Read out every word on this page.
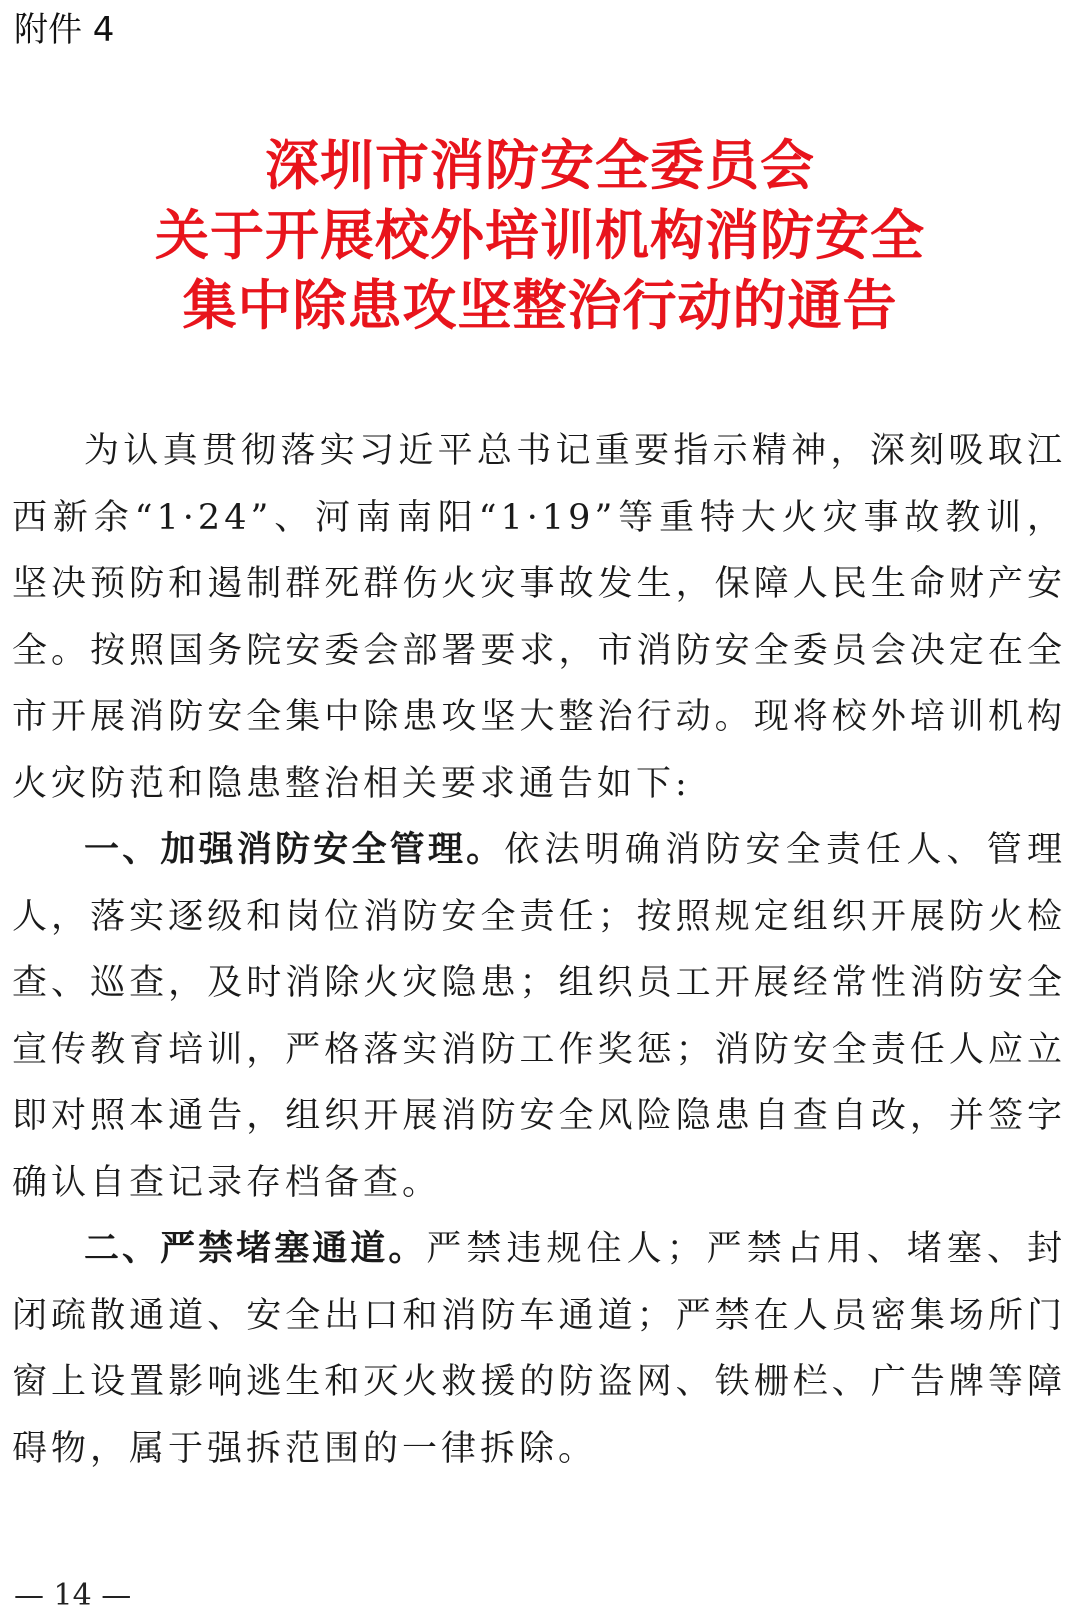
附件 4
深圳市消防安全委员会
关于开展校外培训机构消防安全
集中除患攻坚整治行动的通告

为认真贯彻落实习近平总书记重要指示精神，深刻吸取江西新余“1·24”、河南南阳“1·19”等重特大火灾事故教训，坚决预防和遏制群死群伤火灾事故发生，保障人民生命财产安全。按照国务院安委会部署要求，市消防安全委员会决定在全市开展消防安全集中除患攻坚大整治行动。现将校外培训机构火灾防范和隐患整治相关要求通告如下:

一、加强消防安全管理。依法明确消防安全责任人、管理人，落实逐级和岗位消防安全责任；按照规定组织开展防火检查、巡查，及时消除火灾隐患；组织员工开展经常性消防安全宣传教育培训，严格落实消防工作奖惩；消防安全责任人应立即对照本通告，组织开展消防安全风险隐患自查自改，并签字确认自查记录存档备查。

二、严禁堵塞通道。严禁违规住人；严禁占用、堵塞、封闭疏散通道、安全出口和消防车通道；严禁在人员密集场所门窗上设置影响逃生和灭火救援的防盗网、铁栅栏、广告牌等障碍物，属于强拆范围的一律拆除。

— 14 —
